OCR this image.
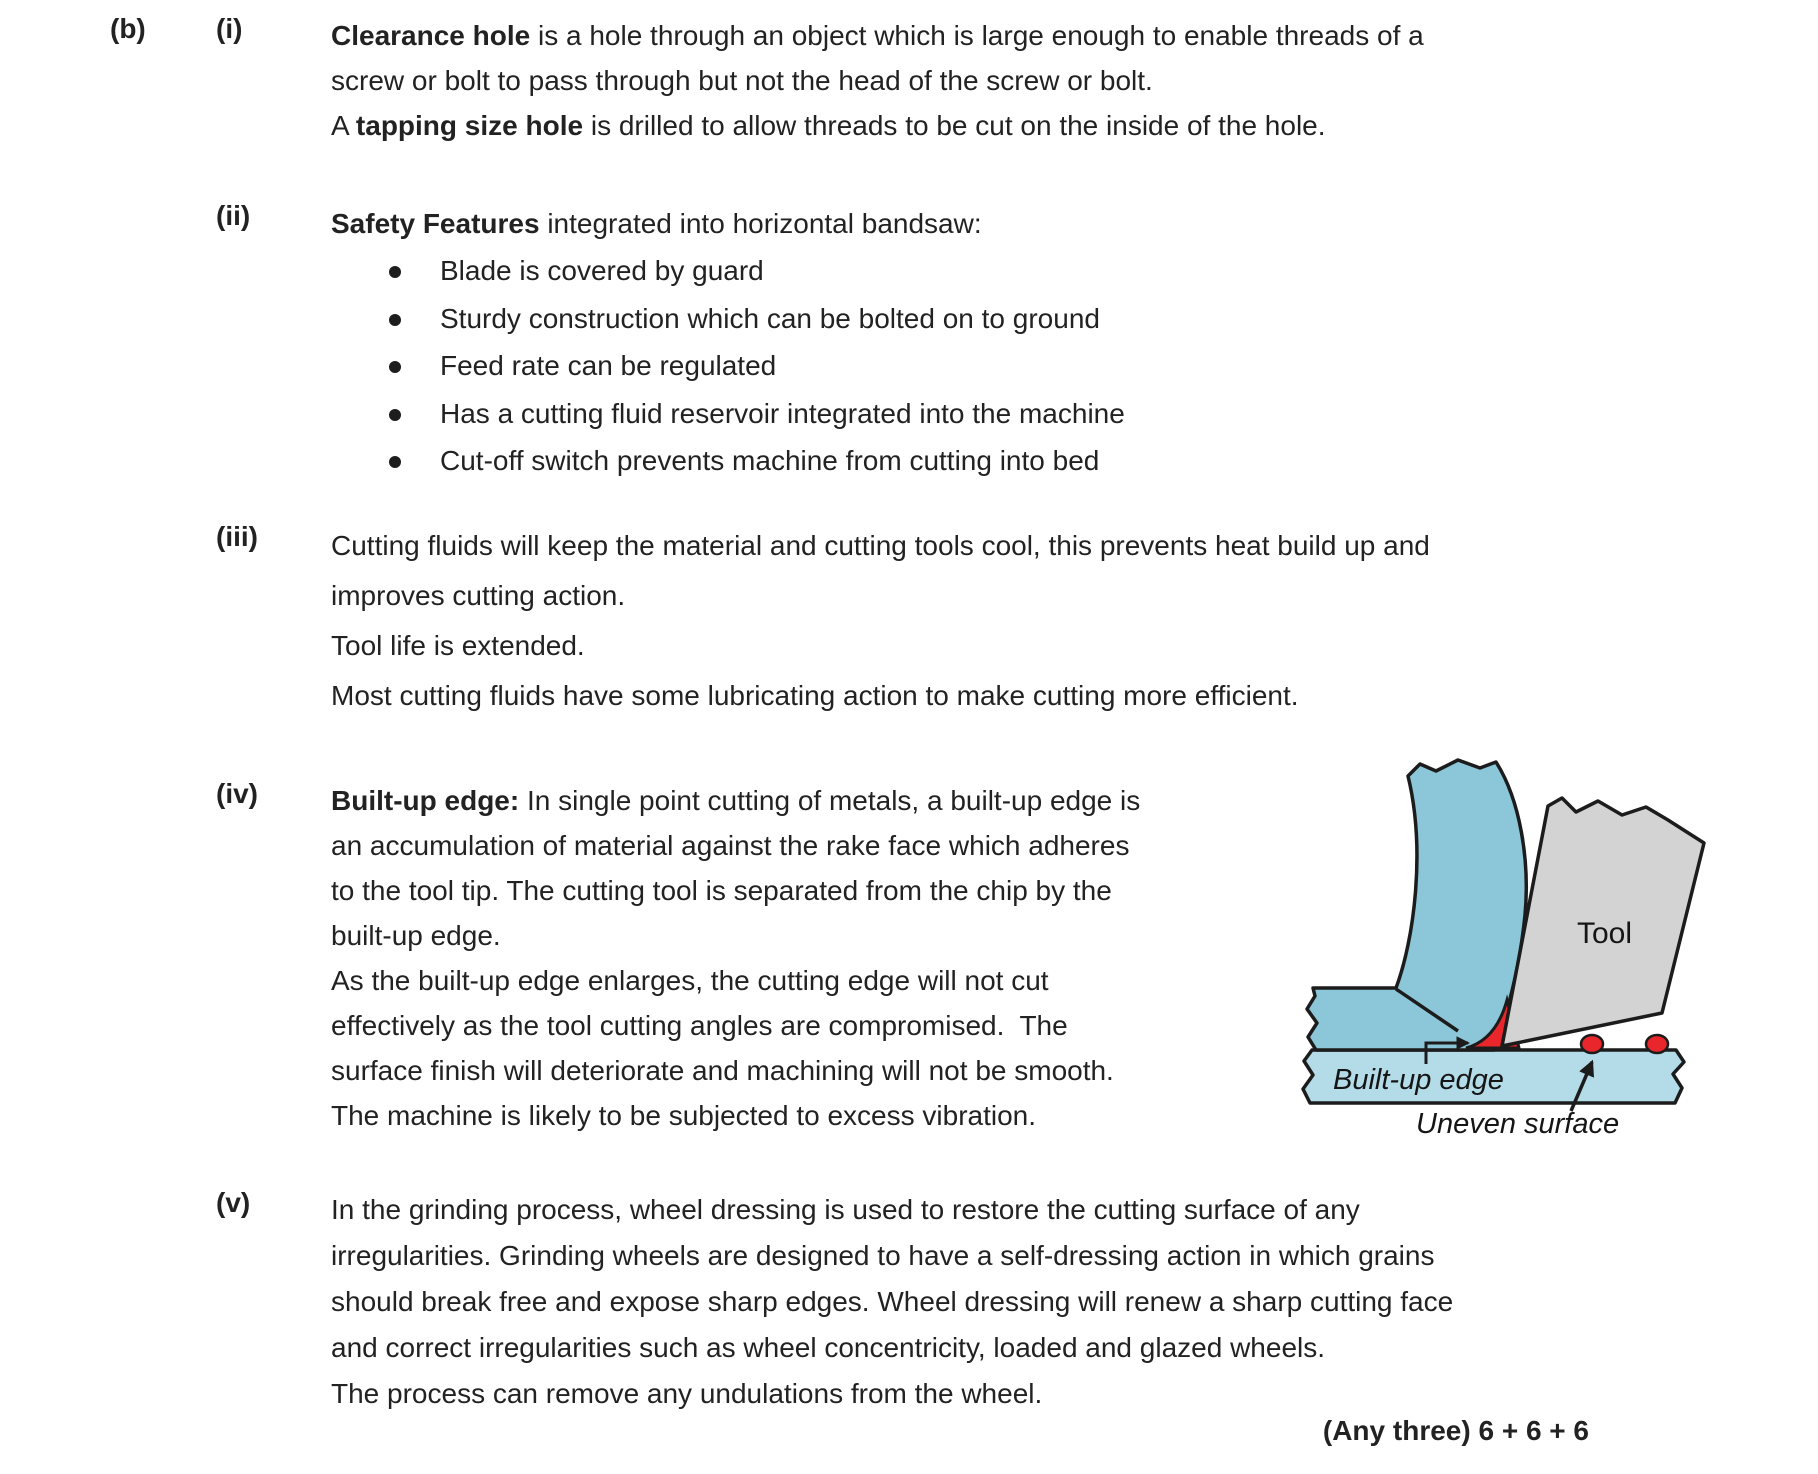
(b)	(i)	Clearance hole is a hole through an object which is large enough to enable threads of a
screw or bolt to pass through but not the head of the screw or bolt.
A tapping size hole is drilled to allow threads to be cut on the inside of the hole.
(ii)	Safety Features integrated into horizontal bandsaw:
Blade is covered by guard
Sturdy construction which can be bolted on to ground
Feed rate can be regulated
Has a cutting fluid reservoir integrated into the machine
Cut-off switch prevents machine from cutting into bed
(iii)	Cutting fluids will keep the material and cutting tools cool, this prevents heat build up and
improves cutting action.
Tool life is extended.
Most cutting fluids have some lubricating action to make cutting more efficient.
(iv)	Built-up edge: In single point cutting of metals, a built-up edge is
an accumulation of material against the rake face which adheres
to the tool tip. The cutting tool is separated from the chip by the
built-up edge.
As the built-up edge enlarges, the cutting edge will not cut
effectively as the tool cutting angles are compromised.  The
surface finish will deteriorate and machining will not be smooth.
The machine is likely to be subjected to excess vibration.
Tool
Built-up edge
Uneven surface
(v)	In the grinding process, wheel dressing is used to restore the cutting surface of any
irregularities. Grinding wheels are designed to have a self-dressing action in which grains
should break free and expose sharp edges. Wheel dressing will renew a sharp cutting face
and correct irregularities such as wheel concentricity, loaded and glazed wheels.
The process can remove any undulations from the wheel.
(Any three) 6 + 6 + 6
